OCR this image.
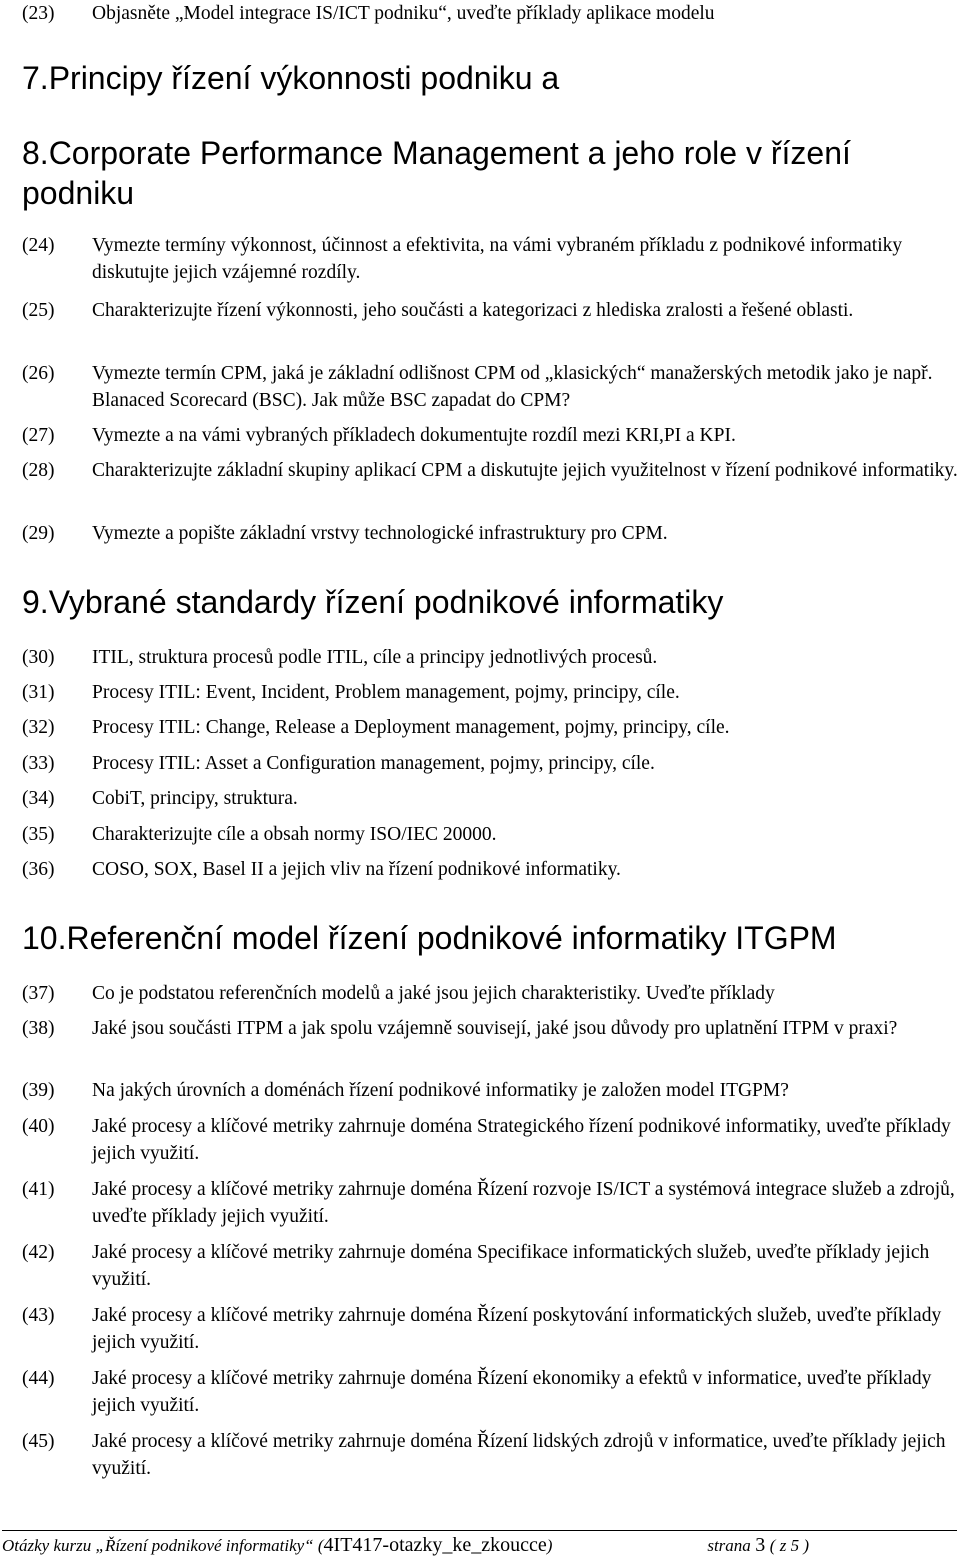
(23)	Objasněte „Model integrace IS/ICT podniku“, uveďte příklady aplikace modelu
7.Principy řízení výkonnosti podniku a
8.Corporate Performance Management a jeho role v řízení podniku
(24)	Vymezte termíny výkonnost, účinnost a efektivita, na vámi vybraném příkladu z podnikové informatiky diskutujte jejich vzájemné rozdíly.
(25)	Charakterizujte řízení výkonnosti, jeho součásti a kategorizaci z hlediska zralosti a řešené oblasti.
(26)	Vymezte termín CPM, jaká je základní odlišnost CPM od „klasických“ manažerských metodik jako je např. Blanaced Scorecard (BSC). Jak může BSC zapadat do CPM?
(27)	Vymezte a na vámi vybraných příkladech dokumentujte rozdíl mezi KRI,PI a KPI.
(28)	Charakterizujte základní skupiny aplikací CPM a diskutujte jejich využitelnost v řízení podnikové informatiky.
(29)	Vymezte a popište základní vrstvy technologické infrastruktury pro CPM.
9.Vybrané standardy řízení podnikové informatiky
(30)	ITIL, struktura procesů podle ITIL, cíle a principy jednotlivých procesů.
(31)	Procesy ITIL: Event, Incident, Problem management, pojmy, principy, cíle.
(32)	Procesy ITIL: Change, Release a Deployment management, pojmy, principy, cíle.
(33)	Procesy ITIL: Asset a Configuration management, pojmy, principy, cíle.
(34)	CobiT, principy, struktura.
(35)	Charakterizujte cíle a obsah normy ISO/IEC 20000.
(36)	COSO, SOX, Basel II a jejich vliv na řízení podnikové informatiky.
10.Referenční model řízení podnikové informatiky ITGPM
(37)	Co je podstatou referenčních modelů a jaké jsou jejich charakteristiky. Uveďte příklady
(38)	Jaké jsou součásti ITPM a jak spolu vzájemně souvisejí, jaké jsou důvody pro uplatnění ITPM v praxi?
(39)	Na jakých úrovních a doménách řízení podnikové informatiky je založen model ITGPM?
(40)	Jaké procesy a klíčové metriky zahrnuje doména Strategického řízení podnikové informatiky, uveďte příklady jejich využití.
(41)	Jaké procesy a klíčové metriky zahrnuje doména Řízení rozvoje IS/ICT a systémová integrace služeb a zdrojů, uveďte příklady jejich využití.
(42)	Jaké procesy a klíčové metriky zahrnuje doména Specifikace informatických služeb, uveďte příklady jejich využití.
(43)	Jaké procesy a klíčové metriky zahrnuje doména Řízení poskytování informatických služeb, uveďte příklady jejich využití.
(44)	Jaké procesy a klíčové metriky zahrnuje doména Řízení ekonomiky a efektů v informatice, uveďte příklady jejich využití.
(45)	Jaké procesy a klíčové metriky zahrnuje doména Řízení lidských zdrojů v informatice, uveďte příklady jejich využití.
Otázky kurzu „Řízení podnikové informatiky“ (4IT417-otazky_ke_zkoucce)	strana 3 ( z 5 )
